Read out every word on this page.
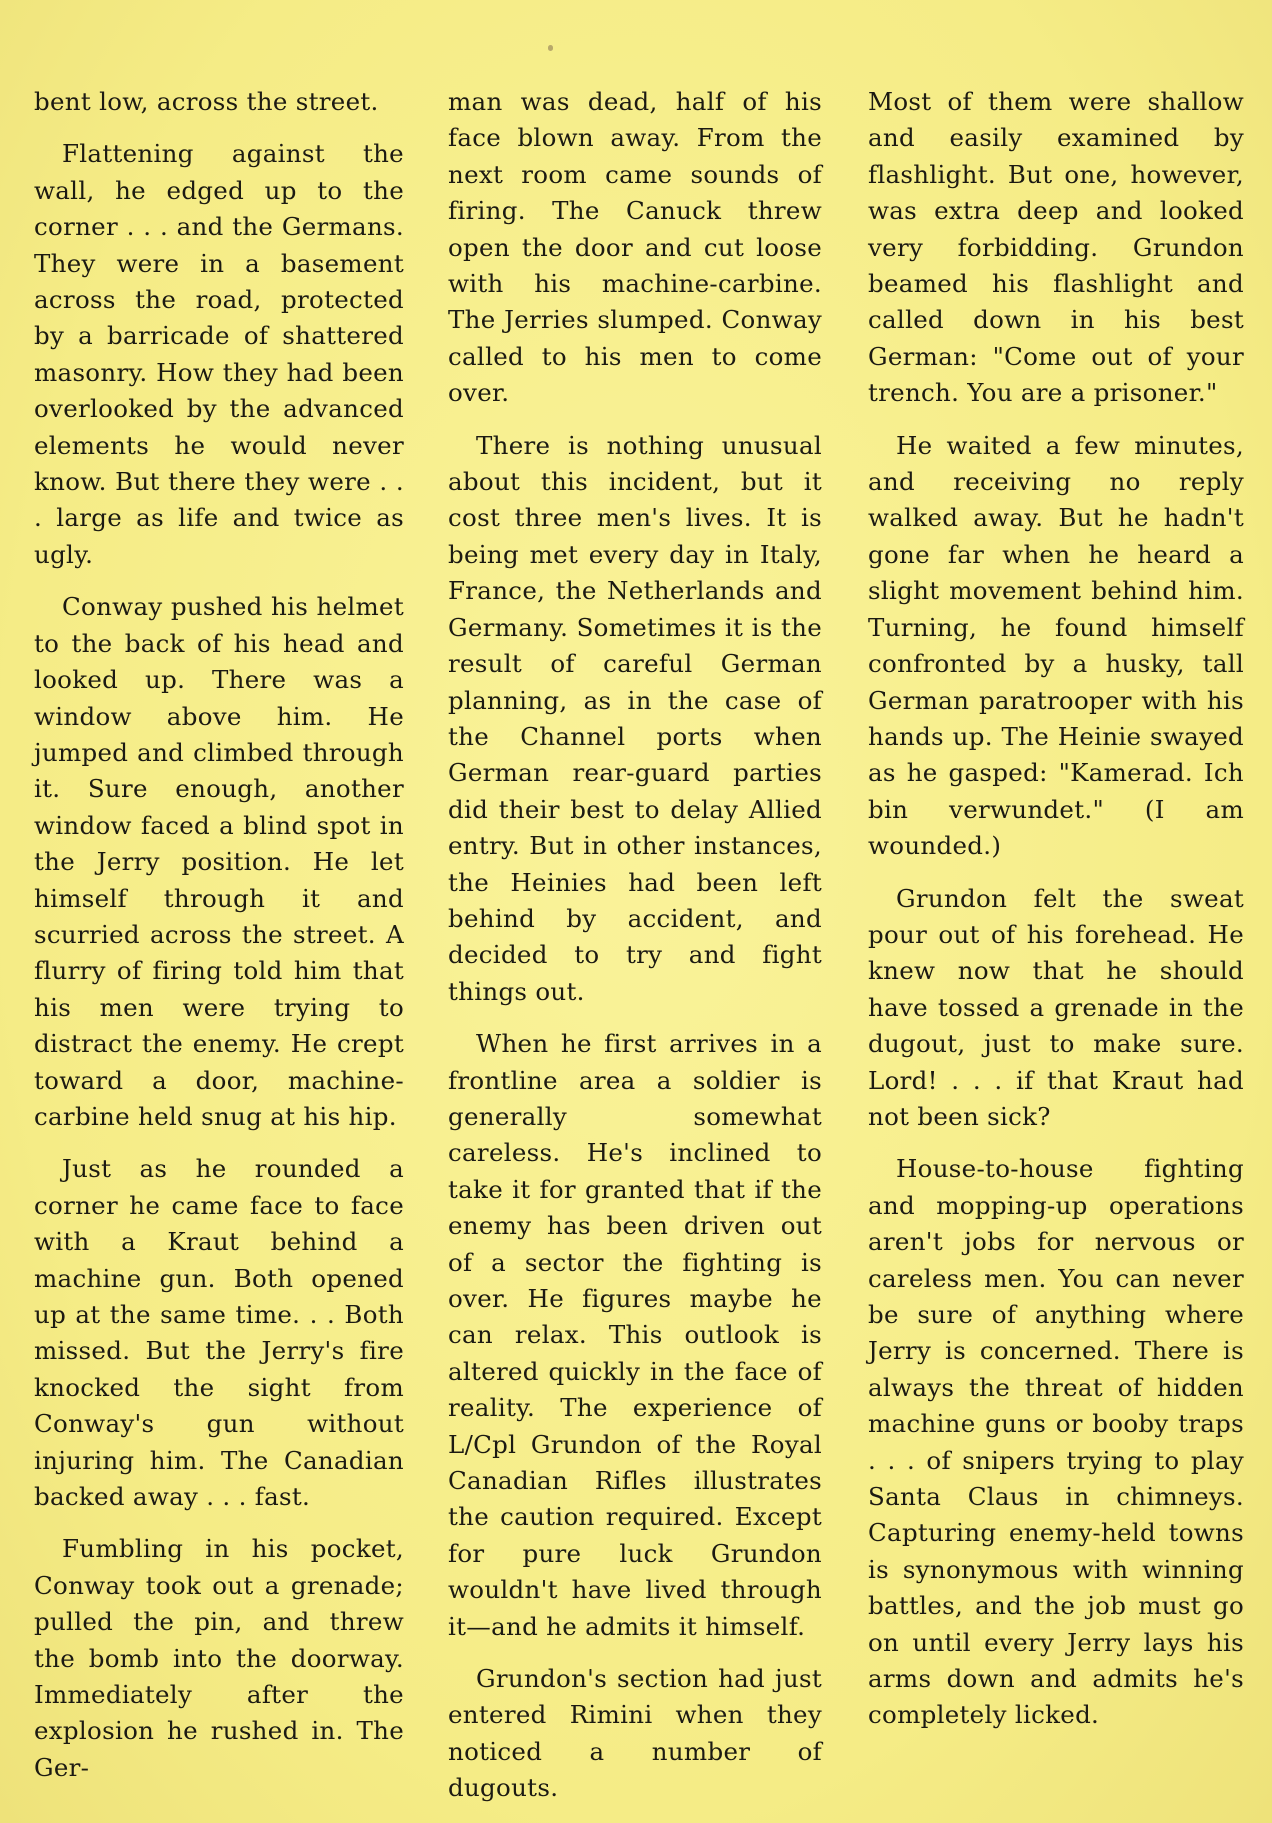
bent low, across the street.

Flattening against the wall, he edged up to the corner . . . and the Germans. They were in a basement across the road, protected by a barricade of shattered masonry. How they had been overlooked by the advanced elements he would never know. But there they were . . . large as life and twice as ugly.

Conway pushed his helmet to the back of his head and looked up. There was a window above him. He jumped and climbed through it. Sure enough, another window faced a blind spot in the Jerry position. He let himself through it and scurried across the street. A flurry of firing told him that his men were trying to distract the enemy. He crept toward a door, machine-carbine held snug at his hip.

Just as he rounded a corner he came face to face with a Kraut behind a machine gun. Both opened up at the same time. . . Both missed. But the Jerry's fire knocked the sight from Conway's gun without injuring him. The Canadian backed away . . . fast.

Fumbling in his pocket, Conway took out a grenade; pulled the pin, and threw the bomb into the doorway. Immediately after the explosion he rushed in. The Ger-

man was dead, half of his face blown away. From the next room came sounds of firing. The Canuck threw open the door and cut loose with his machine-carbine. The Jerries slumped. Conway called to his men to come over.

There is nothing unusual about this incident, but it cost three men's lives. It is being met every day in Italy, France, the Netherlands and Germany. Sometimes it is the result of careful German planning, as in the case of the Channel ports when German rear-guard parties did their best to delay Allied entry. But in other instances, the Heinies had been left behind by accident, and decided to try and fight things out.

When he first arrives in a frontline area a soldier is generally somewhat careless. He's inclined to take it for granted that if the enemy has been driven out of a sector the fighting is over. He figures maybe he can relax. This outlook is altered quickly in the face of reality. The experience of L/Cpl Grundon of the Royal Canadian Rifles illustrates the caution required. Except for pure luck Grundon wouldn't have lived through it—and he admits it himself.

Grundon's section had just entered Rimini when they noticed a number of dugouts.

Most of them were shallow and easily examined by flashlight. But one, however, was extra deep and looked very forbidding. Grundon beamed his flashlight and called down in his best German: "Come out of your trench. You are a prisoner."

He waited a few minutes, and receiving no reply walked away. But he hadn't gone far when he heard a slight movement behind him. Turning, he found himself confronted by a husky, tall German paratrooper with his hands up. The Heinie swayed as he gasped: "Kamerad. Ich bin verwundet." (I am wounded.)

Grundon felt the sweat pour out of his forehead. He knew now that he should have tossed a grenade in the dugout, just to make sure. Lord! . . . if that Kraut had not been sick?

House-to-house fighting and mopping-up operations aren't jobs for nervous or careless men. You can never be sure of anything where Jerry is concerned. There is always the threat of hidden machine guns or booby traps . . . of snipers trying to play Santa Claus in chimneys. Capturing enemy-held towns is synonymous with winning battles, and the job must go on until every Jerry lays his arms down and admits he's completely licked.
